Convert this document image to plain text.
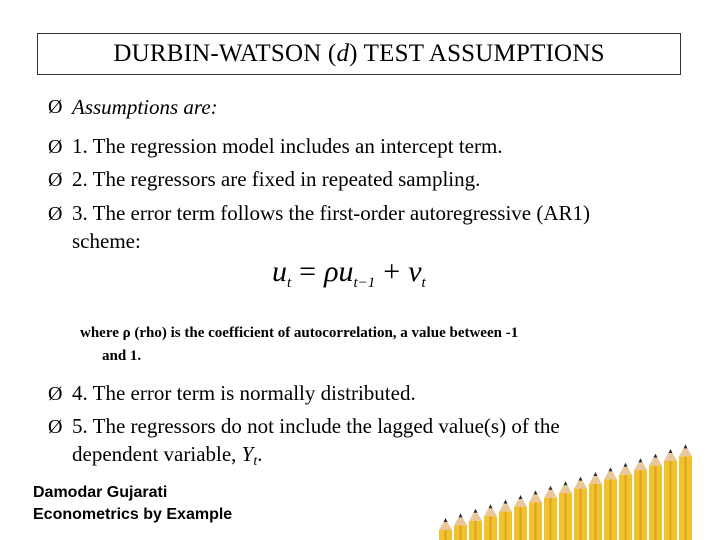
DURBIN-WATSON ( d ) TEST ASSUMPTIONS
Ø Assumptions are:
Ø 1. The regression model includes an intercept term.
Ø 2. The regressors are fixed in repeated sampling.
Ø 3. The error term follows the first-order autoregressive (AR1)
scheme:
$u_t = \rho u_{t-1} + v_t$
where ρ (rho) is the coefficient of autocorrelation, a value between -1
and 1.
Ø 4. The error term is normally distributed.
Ø 5. The regressors do not include the lagged value(s) of the
dependent variable, Yt.
Damodar Gujarati
Econometrics by Example
